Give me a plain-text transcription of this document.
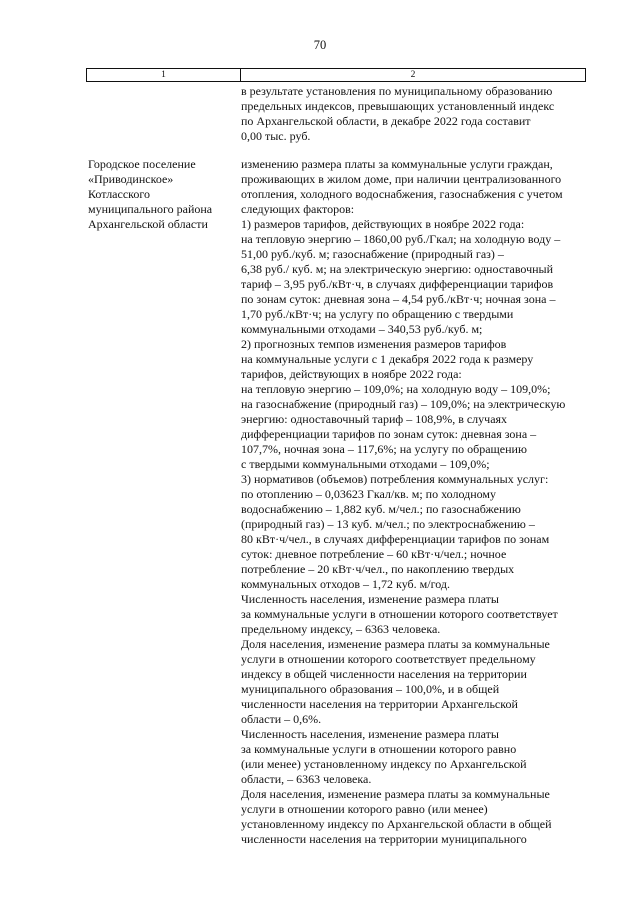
70
1	2
в результате установления по муниципальному образованию
предельных индексов, превышающих установленный индекс
по Архангельской области, в декабре 2022 года составит
0,00 тыс. руб.
Городское поселение
«Приводинское»
Котласского
муниципального района
Архангельской области
изменению размера платы за коммунальные услуги граждан,
проживающих в жилом доме, при наличии централизованного
отопления, холодного водоснабжения, газоснабжения с учетом
следующих факторов:
1) размеров тарифов, действующих в ноябре 2022 года:
на тепловую энергию – 1860,00 руб./Гкал; на холодную воду –
51,00 руб./куб. м; газоснабжение (природный газ) –
6,38 руб./ куб. м; на электрическую энергию: одноставочный
тариф – 3,95 руб./кВт·ч, в случаях дифференциации тарифов
по зонам суток: дневная зона – 4,54 руб./кВт·ч; ночная зона –
1,70 руб./кВт·ч; на услугу по обращению с твердыми
коммунальными отходами – 340,53 руб./куб. м;
2) прогнозных темпов изменения размеров тарифов
на коммунальные услуги с 1 декабря 2022 года к размеру
тарифов, действующих в ноябре 2022 года:
на тепловую энергию – 109,0%; на холодную воду – 109,0%;
на газоснабжение (природный газ) – 109,0%; на электрическую
энергию: одноставочный тариф – 108,9%, в случаях
дифференциации тарифов по зонам суток: дневная зона –
107,7%, ночная зона – 117,6%; на услугу по обращению
с твердыми коммунальными отходами – 109,0%;
3) нормативов (объемов) потребления коммунальных услуг:
по отоплению – 0,03623 Гкал/кв. м; по холодному
водоснабжению – 1,882 куб. м/чел.; по газоснабжению
(природный газ) – 13 куб. м/чел.; по электроснабжению –
80 кВт·ч/чел., в случаях дифференциации тарифов по зонам
суток: дневное потребление – 60 кВт·ч/чел.; ночное
потребление – 20 кВт·ч/чел., по накоплению твердых
коммунальных отходов – 1,72 куб. м/год.
Численность населения, изменение размера платы
за коммунальные услуги в отношении которого соответствует
предельному индексу, – 6363 человека.
Доля населения, изменение размера платы за коммунальные
услуги в отношении которого соответствует предельному
индексу в общей численности населения на территории
муниципального образования – 100,0%, и в общей
численности населения на территории Архангельской
области – 0,6%.
Численность населения, изменение размера платы
за коммунальные услуги в отношении которого равно
(или менее) установленному индексу по Архангельской
области, – 6363 человека.
Доля населения, изменение размера платы за коммунальные
услуги в отношении которого равно (или менее)
установленному индексу по Архангельской области в общей
численности населения на территории муниципального
